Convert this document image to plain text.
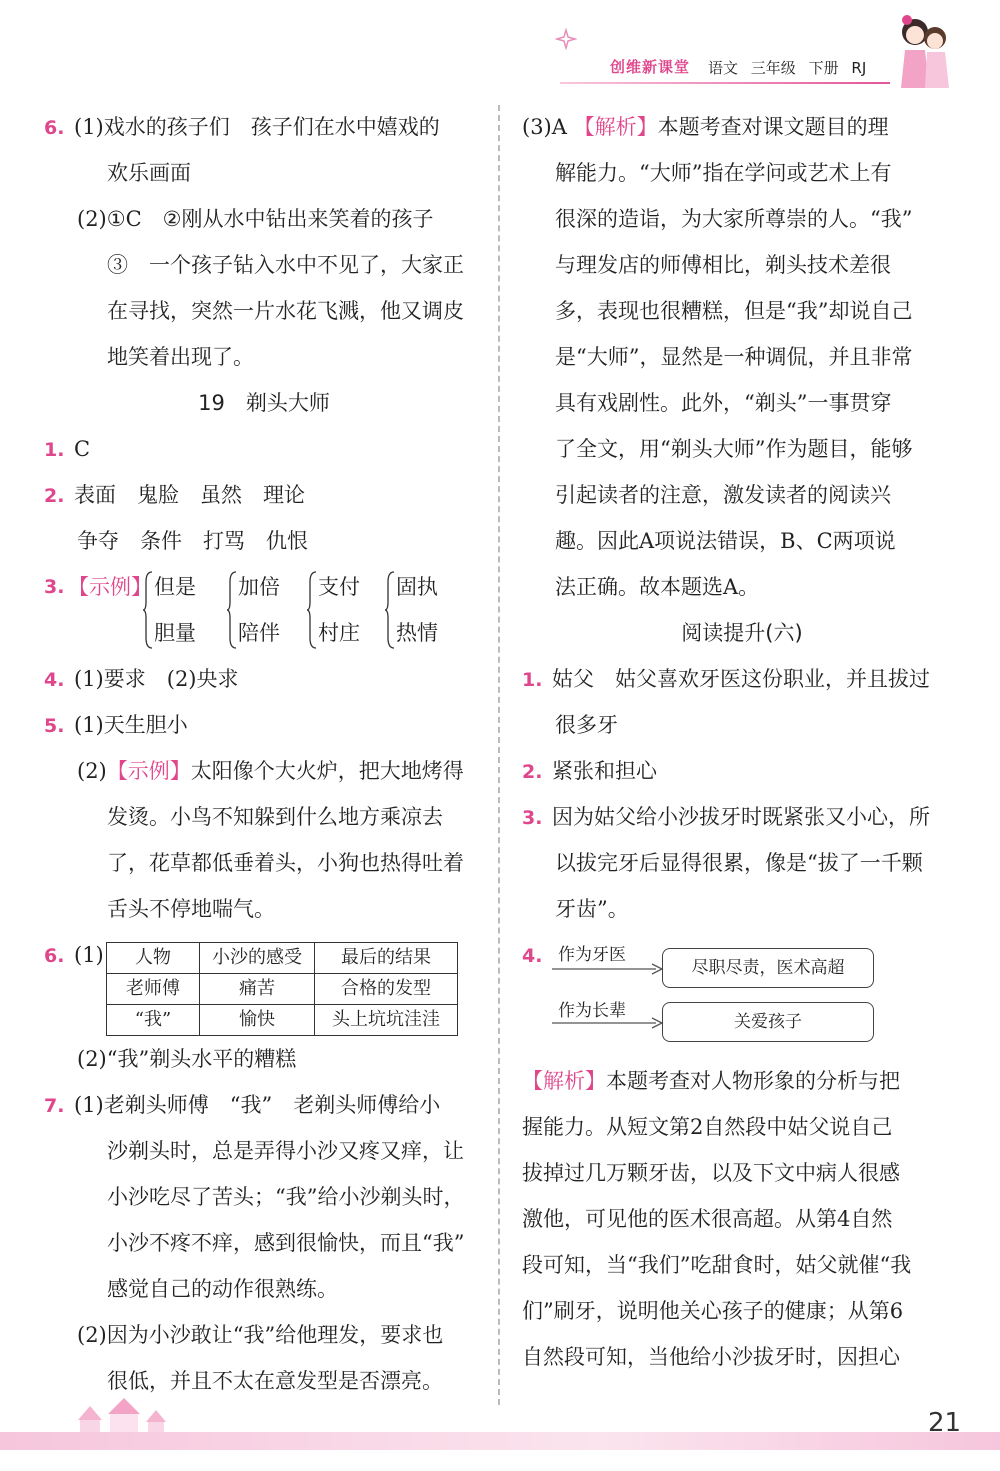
创维新课堂 语文 三年级 下册 RJ
6. (1)戏水的孩子们　孩子们在水中嬉戏的
欢乐画面
(2)①C　②刚从水中钻出来笑着的孩子
③　一个孩子钻入水中不见了，大家正
在寻找，突然一片水花飞溅，他又调皮
地笑着出现了。
19　剃头大师
1. C
2. 表面　鬼脸　虽然　理论
争夺　条件　打骂　仇恨
3. 【示例】 但是
胆量
加倍
陪伴
支付
村庄
固执
热情
4. (1)要求　(2)央求
5. (1)天生胆小
(2)【示例】太阳像个大火炉，把大地烤得
发烫。小鸟不知躲到什么地方乘凉去
了，花草都低垂着头，小狗也热得吐着
舌头不停地喘气。
6. (1) 人物	小沙的感受	最后的结果
老师傅	痛苦	合格的发型
“我”	愉快	头上坑坑洼洼
(2)“我”剃头水平的糟糕
7. (1)老剃头师傅　“我”　老剃头师傅给小
沙剃头时，总是弄得小沙又疼又痒，让
小沙吃尽了苦头；“我”给小沙剃头时，
小沙不疼不痒，感到很愉快，而且“我”
感觉自己的动作很熟练。
(2)因为小沙敢让“我”给他理发，要求也
很低，并且不太在意发型是否漂亮。
(3)A 【解析】本题考查对课文题目的理
解能力。“大师”指在学问或艺术上有
很深的造诣，为大家所尊崇的人。“我”
与理发店的师傅相比，剃头技术差很
多，表现也很糟糕，但是“我”却说自己
是“大师”，显然是一种调侃，并且非常
具有戏剧性。此外，“剃头”一事贯穿
了全文，用“剃头大师”作为题目，能够
引起读者的注意，激发读者的阅读兴
趣。因此A项说法错误，B、C两项说
法正确。故本题选A。
阅读提升(六)
1. 姑父　姑父喜欢牙医这份职业，并且拔过
很多牙
2. 紧张和担心
3. 因为姑父给小沙拔牙时既紧张又小心，所
以拔完牙后显得很累，像是“拔了一千颗
牙齿”。
4. 作为牙医
尽职尽责，医术高超
作为长辈
关爱孩子
【解析】本题考查对人物形象的分析与把
握能力。从短文第2自然段中姑父说自己
拔掉过几万颗牙齿，以及下文中病人很感
激他，可见他的医术很高超。从第4自然
段可知，当“我们”吃甜食时，姑父就催“我
们”刷牙，说明他关心孩子的健康；从第6
自然段可知，当他给小沙拔牙时，因担心
21
